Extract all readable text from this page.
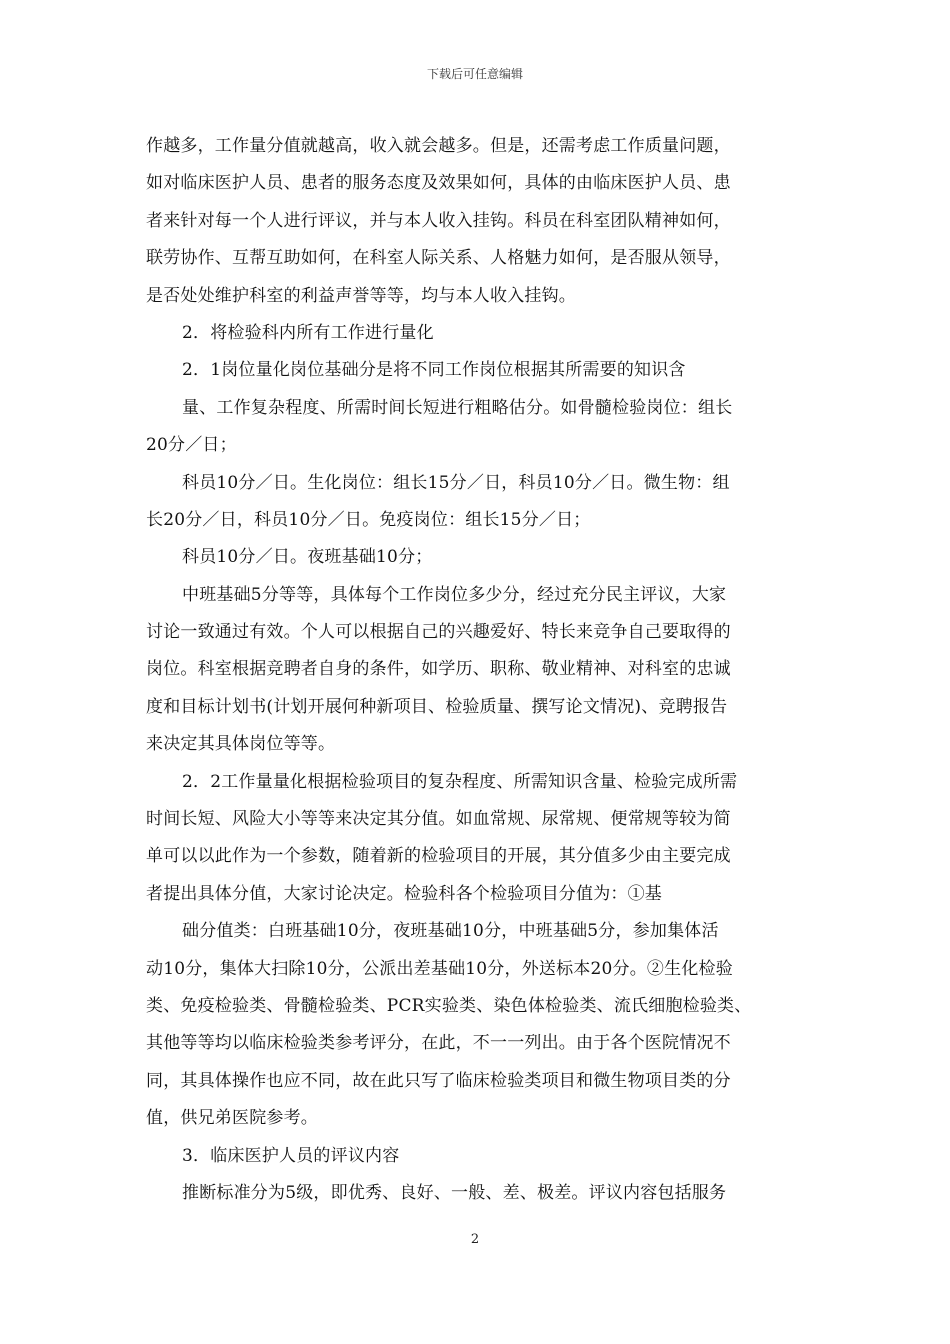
下载后可任意编辑
作越多，工作量分值就越高，收入就会越多。但是，还需考虑工作质量问题，
如对临床医护人员、患者的服务态度及效果如何，具体的由临床医护人员、患
者来针对每一个人进行评议，并与本人收入挂钩。科员在科室团队精神如何，
联劳协作、互帮互助如何，在科室人际关系、人格魅力如何，是否服从领导，
是否处处维护科室的利益声誉等等，均与本人收入挂钩。
2．将检验科内所有工作进行量化
2．1岗位量化岗位基础分是将不同工作岗位根据其所需要的知识含
量、工作复杂程度、所需时间长短进行粗略估分。如骨髓检验岗位：组长
20分／日；
科员10分／日。生化岗位：组长15分／日，科员10分／日。微生物：组
长20分／日，科员10分／日。免疫岗位：组长15分／日；
科员10分／日。夜班基础10分；
中班基础5分等等，具体每个工作岗位多少分，经过充分民主评议，大家
讨论一致通过有效。个人可以根据自己的兴趣爱好、特长来竞争自己要取得的
岗位。科室根据竞聘者自身的条件，如学历、职称、敬业精神、对科室的忠诚
度和目标计划书(计划开展何种新项目、检验质量、撰写论文情况)、竞聘报告
来决定其具体岗位等等。
2．2工作量量化根据检验项目的复杂程度、所需知识含量、检验完成所需
时间长短、风险大小等等来决定其分值。如血常规、尿常规、便常规等较为简
单可以以此作为一个参数，随着新的检验项目的开展，其分值多少由主要完成
者提出具体分值，大家讨论决定。检验科各个检验项目分值为：①基
础分值类：白班基础10分，夜班基础10分，中班基础5分，参加集体活
动10分，集体大扫除10分，公派出差基础10分，外送标本20分。②生化检验
类、免疫检验类、骨髓检验类、PCR实验类、染色体检验类、流氏细胞检验类、
其他等等均以临床检验类参考评分，在此，不一一列出。由于各个医院情况不
同，其具体操作也应不同，故在此只写了临床检验类项目和微生物项目类的分
值，供兄弟医院参考。
3．临床医护人员的评议内容
推断标准分为5级，即优秀、良好、一般、差、极差。评议内容包括服务
2
